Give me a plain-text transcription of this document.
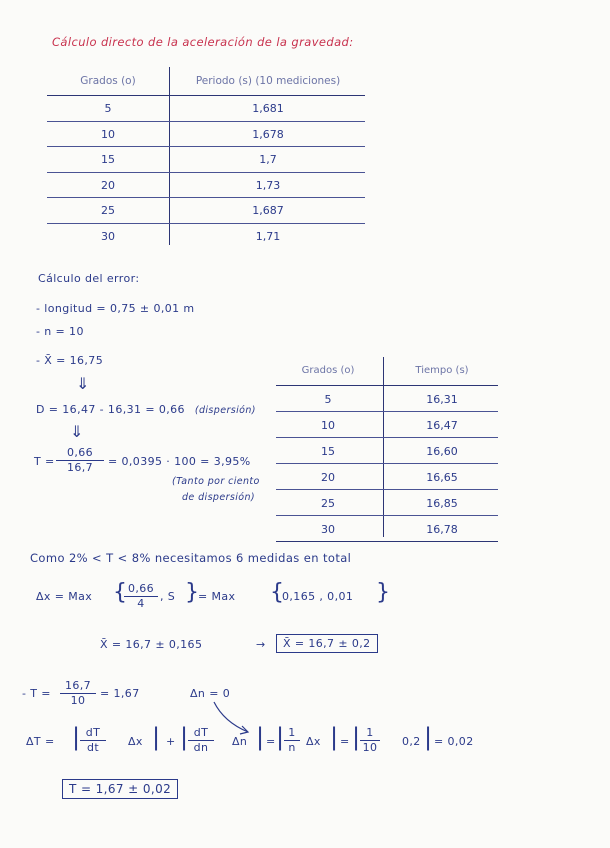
Cálculo directo de la aceleración de la gravedad:
Grados (o)	Periodo (s) (10 mediciones)
5	1,681
10	1,678
15	1,7
20	1,73
25	1,687
30	1,71
Cálculo del error:
- longitud = 0,75 ± 0,01 m
- n = 10
- X̄ = 16,75
⇓
D = 16,47 - 16,31 = 0,66 (dispersión)
⇓
$T = \frac{0,66}{16,7} = 0,0395 \cdot 100 = 3,95\%$
(Tanto por ciento
de dispersión)
Grados (o)	Tiempo (s)
5	16,31
10	16,47
15	16,60
20	16,65
25	16,85
30	16,78
Como 2% < T < 8% necesitamos 6 medidas en total
Δx = Max {
$\frac{0,66}{4}$ , S }
= Max {
0,165 , 0,01 }
X̄ = 16,7 ± 0,165	→	X̄ = 16,7 ± 0,2
- $T = \frac{16,7}{10} = 1,67$	Δn = 0
ΔT = | $\frac{dT}{dt}$ Δx | + | $\frac{dT}{dn}$ Δn | = | $\frac{1}{n}$ Δx | = | $\frac{1}{10} 0,2$ | = 0,02
T = 1,67 ± 0,02
